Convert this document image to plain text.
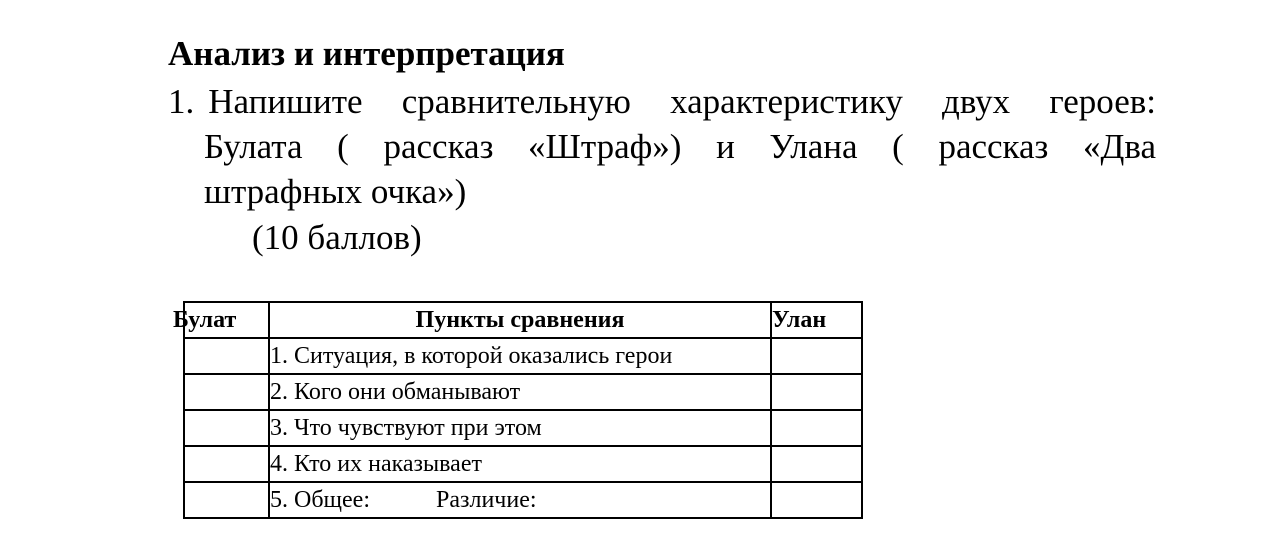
Анализ и интерпретация
1. Напишите сравнительную характеристику двух героев:
Булата ( рассказ «Штраф») и Улана ( рассказ «Два
штрафных очка»)
(10 баллов)
Булат	Пункты сравнения	Улан
	1. Ситуация, в которой оказались герои	
	2. Кого они обманывают	
	3. Что чувствуют при этом	
	4. Кто их наказывает	
	5. Общее: Различие:	
